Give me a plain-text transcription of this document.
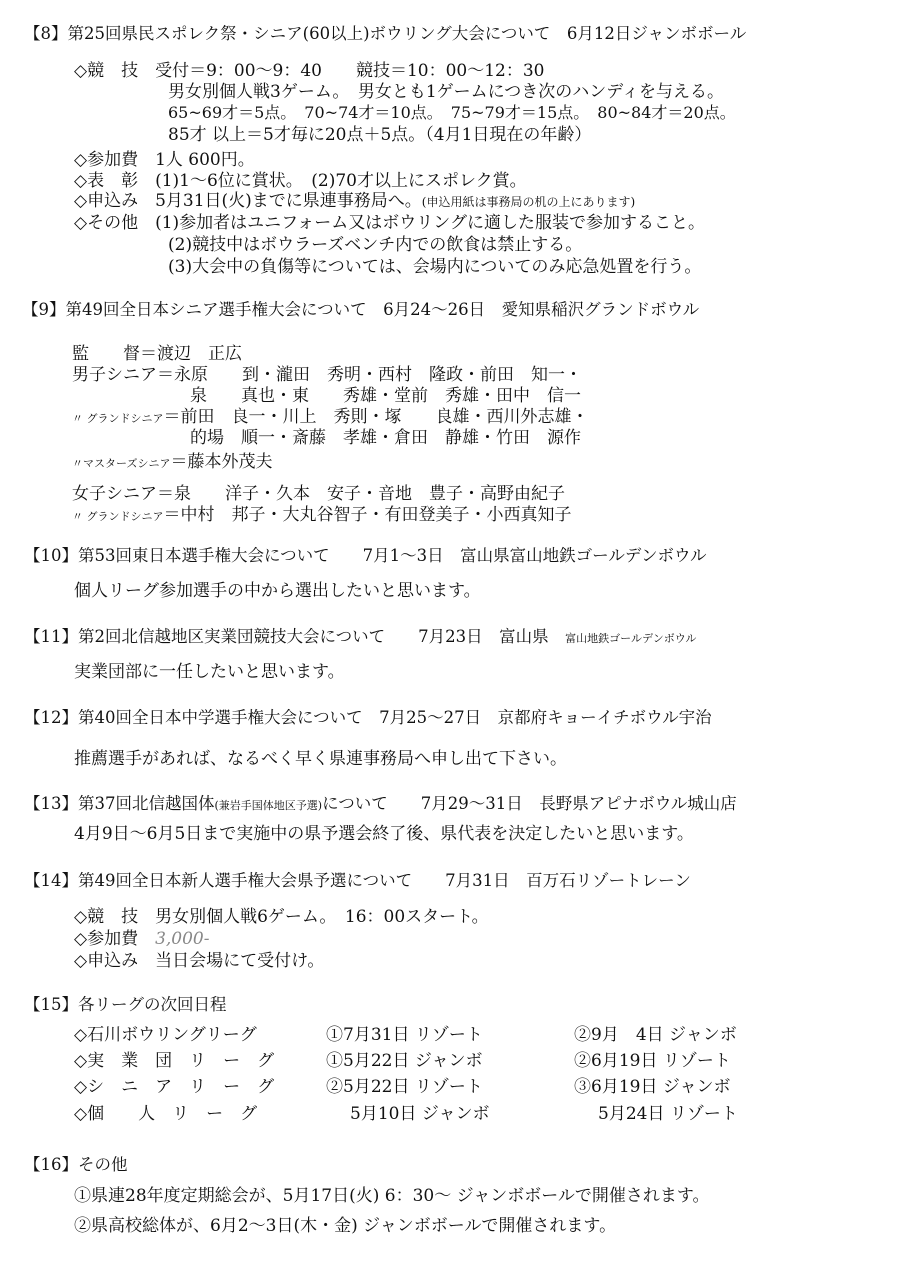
【8】第25回県民スポレク祭・シニア(60以上)ボウリング大会について　6月12日ジャンボボール
◇競　技　受付＝9：00～9：40　　競技＝10：00～12：30
男女別個人戦3ゲーム。　男女とも1ゲームにつき次のハンディを与える。
65~69才＝5点。　70~74才＝10点。　75~79才＝15点。　80~84才＝20点。
85才 以上＝5才毎に20点＋5点。（4月1日現在の年齢）
◇参加費　1人 600円。
◇表　彰　(1)1～6位に賞状。　(2)70才以上にスポレク賞。
◇申込み　5月31日(火)までに県連事務局へ。(申込用紙は事務局の机の上にあります)
◇その他　(1)参加者はユニフォーム又はボウリングに適した服装で参加すること。
(2)競技中はボウラーズベンチ内での飲食は禁止する。
(3)大会中の負傷等については、会場内についてのみ応急処置を行う。
【9】第49回全日本シニア選手権大会について　6月24～26日　愛知県稲沢グランドボウル
監　　督＝渡辺　正広
男子シニア＝永原　　到・瀧田　秀明・西村　隆政・前田　知一・
泉　　真也・東　　秀雄・堂前　秀雄・田中　信一
〃 グランドシニア＝前田　良一・川上　秀則・塚　　良雄・西川外志雄・
的場　順一・斎藤　孝雄・倉田　静雄・竹田　源作
〃マスターズシニア＝藤本外茂夫
女子シニア＝泉　　洋子・久本　安子・音地　豊子・高野由紀子
〃 グランドシニア＝中村　邦子・大丸谷智子・有田登美子・小西真知子
【10】第53回東日本選手権大会について　　7月1～3日　富山県富山地鉄ゴールデンボウル
個人リーグ参加選手の中から選出したいと思います。
【11】第2回北信越地区実業団競技大会について　　7月23日　富山県　 富山地鉄ゴールデンボウル
実業団部に一任したいと思います。
【12】第40回全日本中学選手権大会について　7月25～27日　京都府キョーイチボウル宇治
推薦選手があれば、なるべく早く県連事務局へ申し出て下さい。
【13】第37回北信越国体(兼岩手国体地区予選)について　　7月29～31日　長野県アピナボウル城山店
4月9日～6月5日まで実施中の県予選会終了後、県代表を決定したいと思います。
【14】第49回全日本新人選手権大会県予選について　　7月31日　百万石リゾートレーン
◇競　技　男女別個人戦6ゲーム。　16：00スタート。
◇参加費　 3,000-
◇申込み　当日会場にて受付け。
【15】各リーグの次回日程
◇石川ボウリングリーグ	①7月31日 リゾート	②9月　4日 ジャンボ
◇実　業　団　リ　ー　グ	①5月22日 ジャンボ	②6月19日 リゾート
◇シ　ニ　ア　リ　ー　グ	②5月22日 リゾート	③6月19日 ジャンボ
◇個　　人　リ　ー　グ	5月10日 ジャンボ	5月24日 リゾート
【16】その他
①県連28年度定期総会が、5月17日(火) 6：30～ ジャンボボールで開催されます。
②県高校総体が、6月2～3日(木・金) ジャンボボールで開催されます。
